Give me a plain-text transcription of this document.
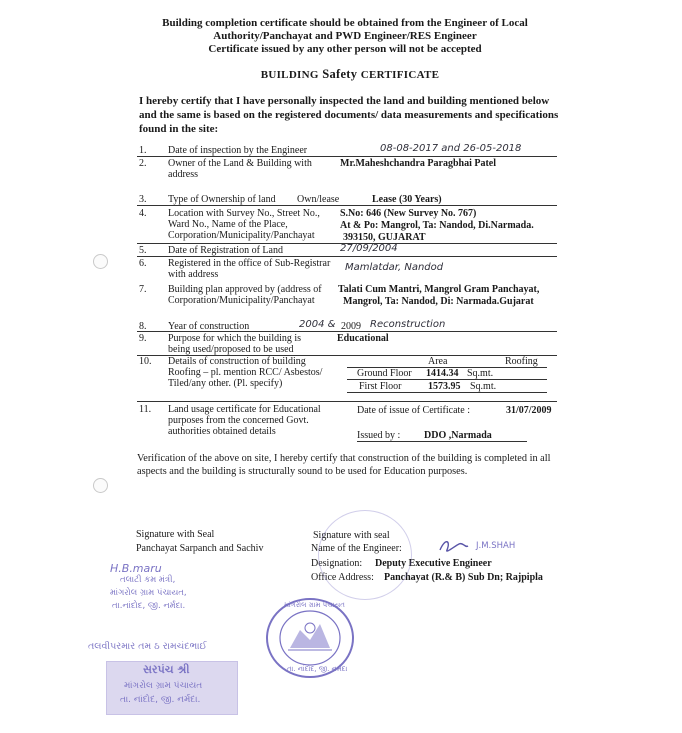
Building completion certificate should be obtained from the Engineer of Local
Authority/Panchayat and PWD Engineer/RES Engineer
Certificate issued by any other person will not be accepted
BUILDING Safety CERTIFICATE
I hereby certify that I have personally inspected the land and building mentioned below and the same is based on the registered documents/ data measurements and specifications found in the site:
1. Date of inspection by the Engineer	08-08-2017 and 26-05-2018
2. Owner of the Land & Building with address
Mr.Maheshchandra Paragbhai Patel
3. Type of Ownership of land Own/lease	Lease (30 Years)
4. Location with Survey No., Street No., Ward No., Name of the Place, Corporation/Municipality/Panchayat
S.No: 646 (New Survey No. 767)
At & Po: Mangrol, Ta: Nandod, Di.Narmada.
393150, GUJARAT
5. Date of Registration of Land	27/09/2004
6. Registered in the office of Sub-Registrar with address
Mamlatdar, Nandod
7. Building plan approved by (address of Corporation/Municipality/Panchayat
Talati Cum Mantri, Mangrol Gram Panchayat,
Mangrol, Ta: Nandod, Di: Narmada.Gujarat
8. Year of construction	2004 & 2009 Reconstruction
9. Purpose for which the building is being used/proposed to be used
Educational
10. Details of construction of building Roofing – pl. mention RCC/ Asbestos/ Tiled/any other. (Pl. specify)
Area	Roofing
Ground Floor 1414.34 Sq.mt.
First Floor	1573.95 Sq.mt.
11. Land usage certificate for Educational purposes from the concerned Govt. authorities obtained details
Date of issue of Certificate :	31/07/2009
Issued by : DDO ,Narmada
Verification of the above on site, I hereby certify that construction of the building is completed in all aspects and the building is structurally sound to be used for Education purposes.
Signature with Seal
Panchayat Sarpanch and Sachiv
Signature with seal
Name of the Engineer:	J.M.SHAH
Designation: Deputy Executive Engineer
Office Address: Panchayat (R.& B) Sub Dn; Rajpipla
H.B.maru
તલાટી કમ મંત્રી,
માંગરોલ ગ્રામ પંચાયત,
તા.નાંદોદ, જી. નર્મદા.
તલવીપરમાર તમ ઠ રામચંદભાઈ
સરપંચ શ્રી
માંગરોલ ગ્રામ પંચાયત
તા. નાંદોદ, જી. નર્મદા.
માંગરોલ ગ્રામ પંચાયત
તા. નાંદોદ, જી. નર્મદા
